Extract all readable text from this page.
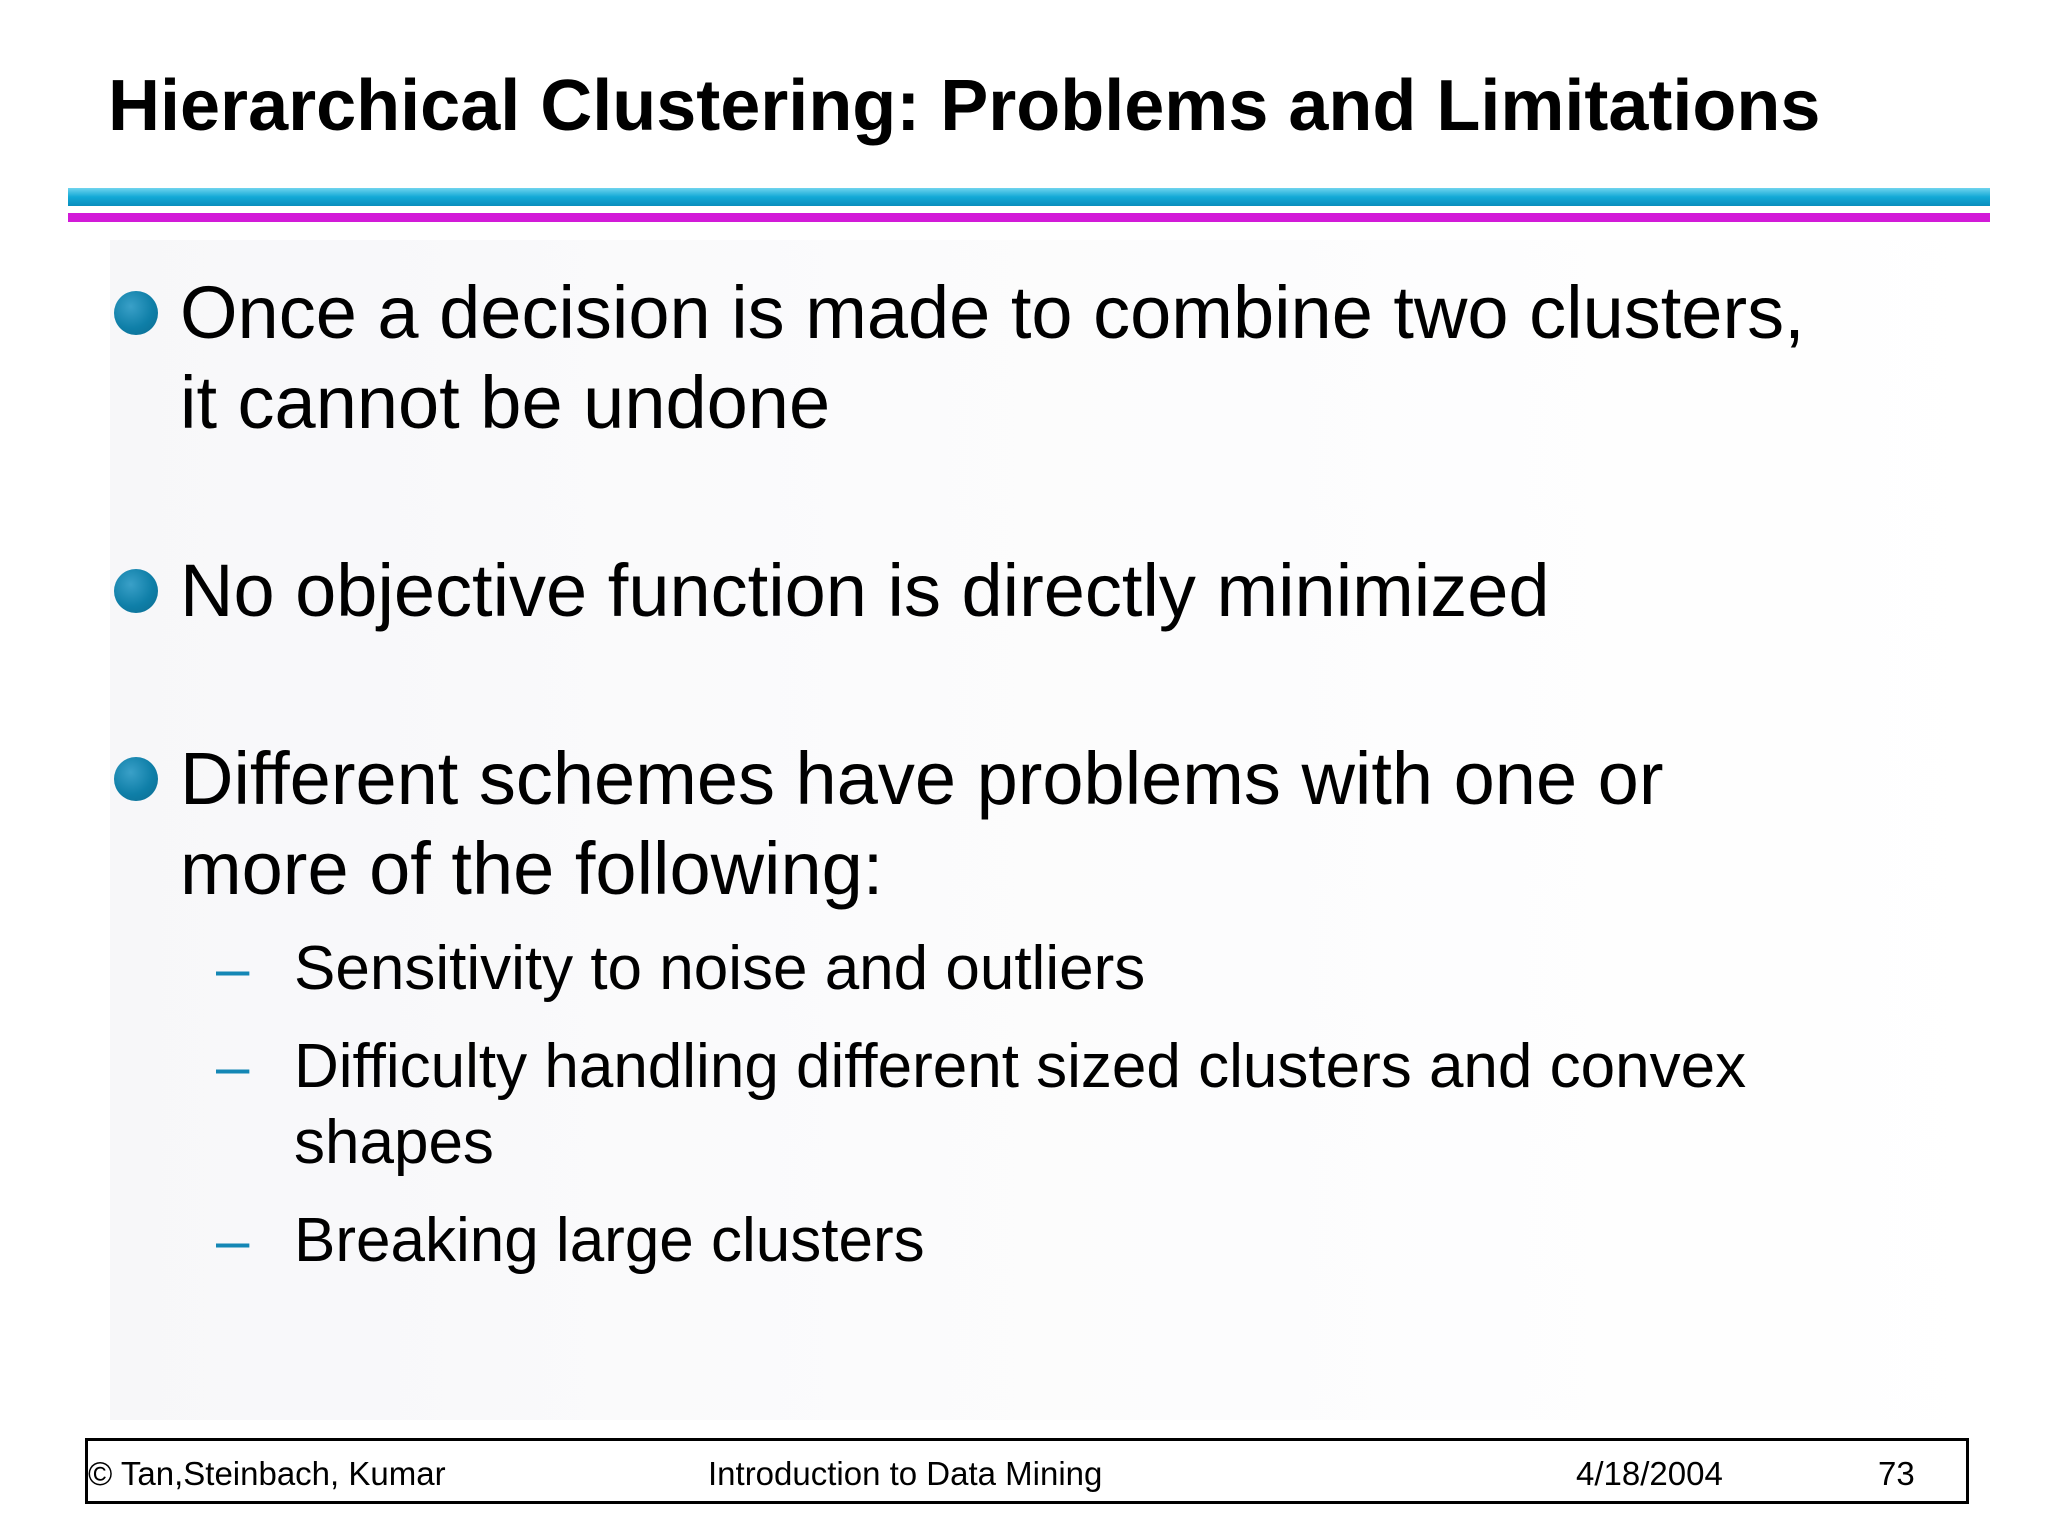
Hierarchical Clustering: Problems and Limitations
Once a decision is made to combine two clusters,
it cannot be undone
No objective function is directly minimized
Different schemes have problems with one or
more of the following:
– Sensitivity to noise and outliers
– Difficulty handling different sized clusters and convex
shapes
– Breaking large clusters
© Tan,Steinbach, Kumar	Introduction to Data Mining	4/18/2004	73
